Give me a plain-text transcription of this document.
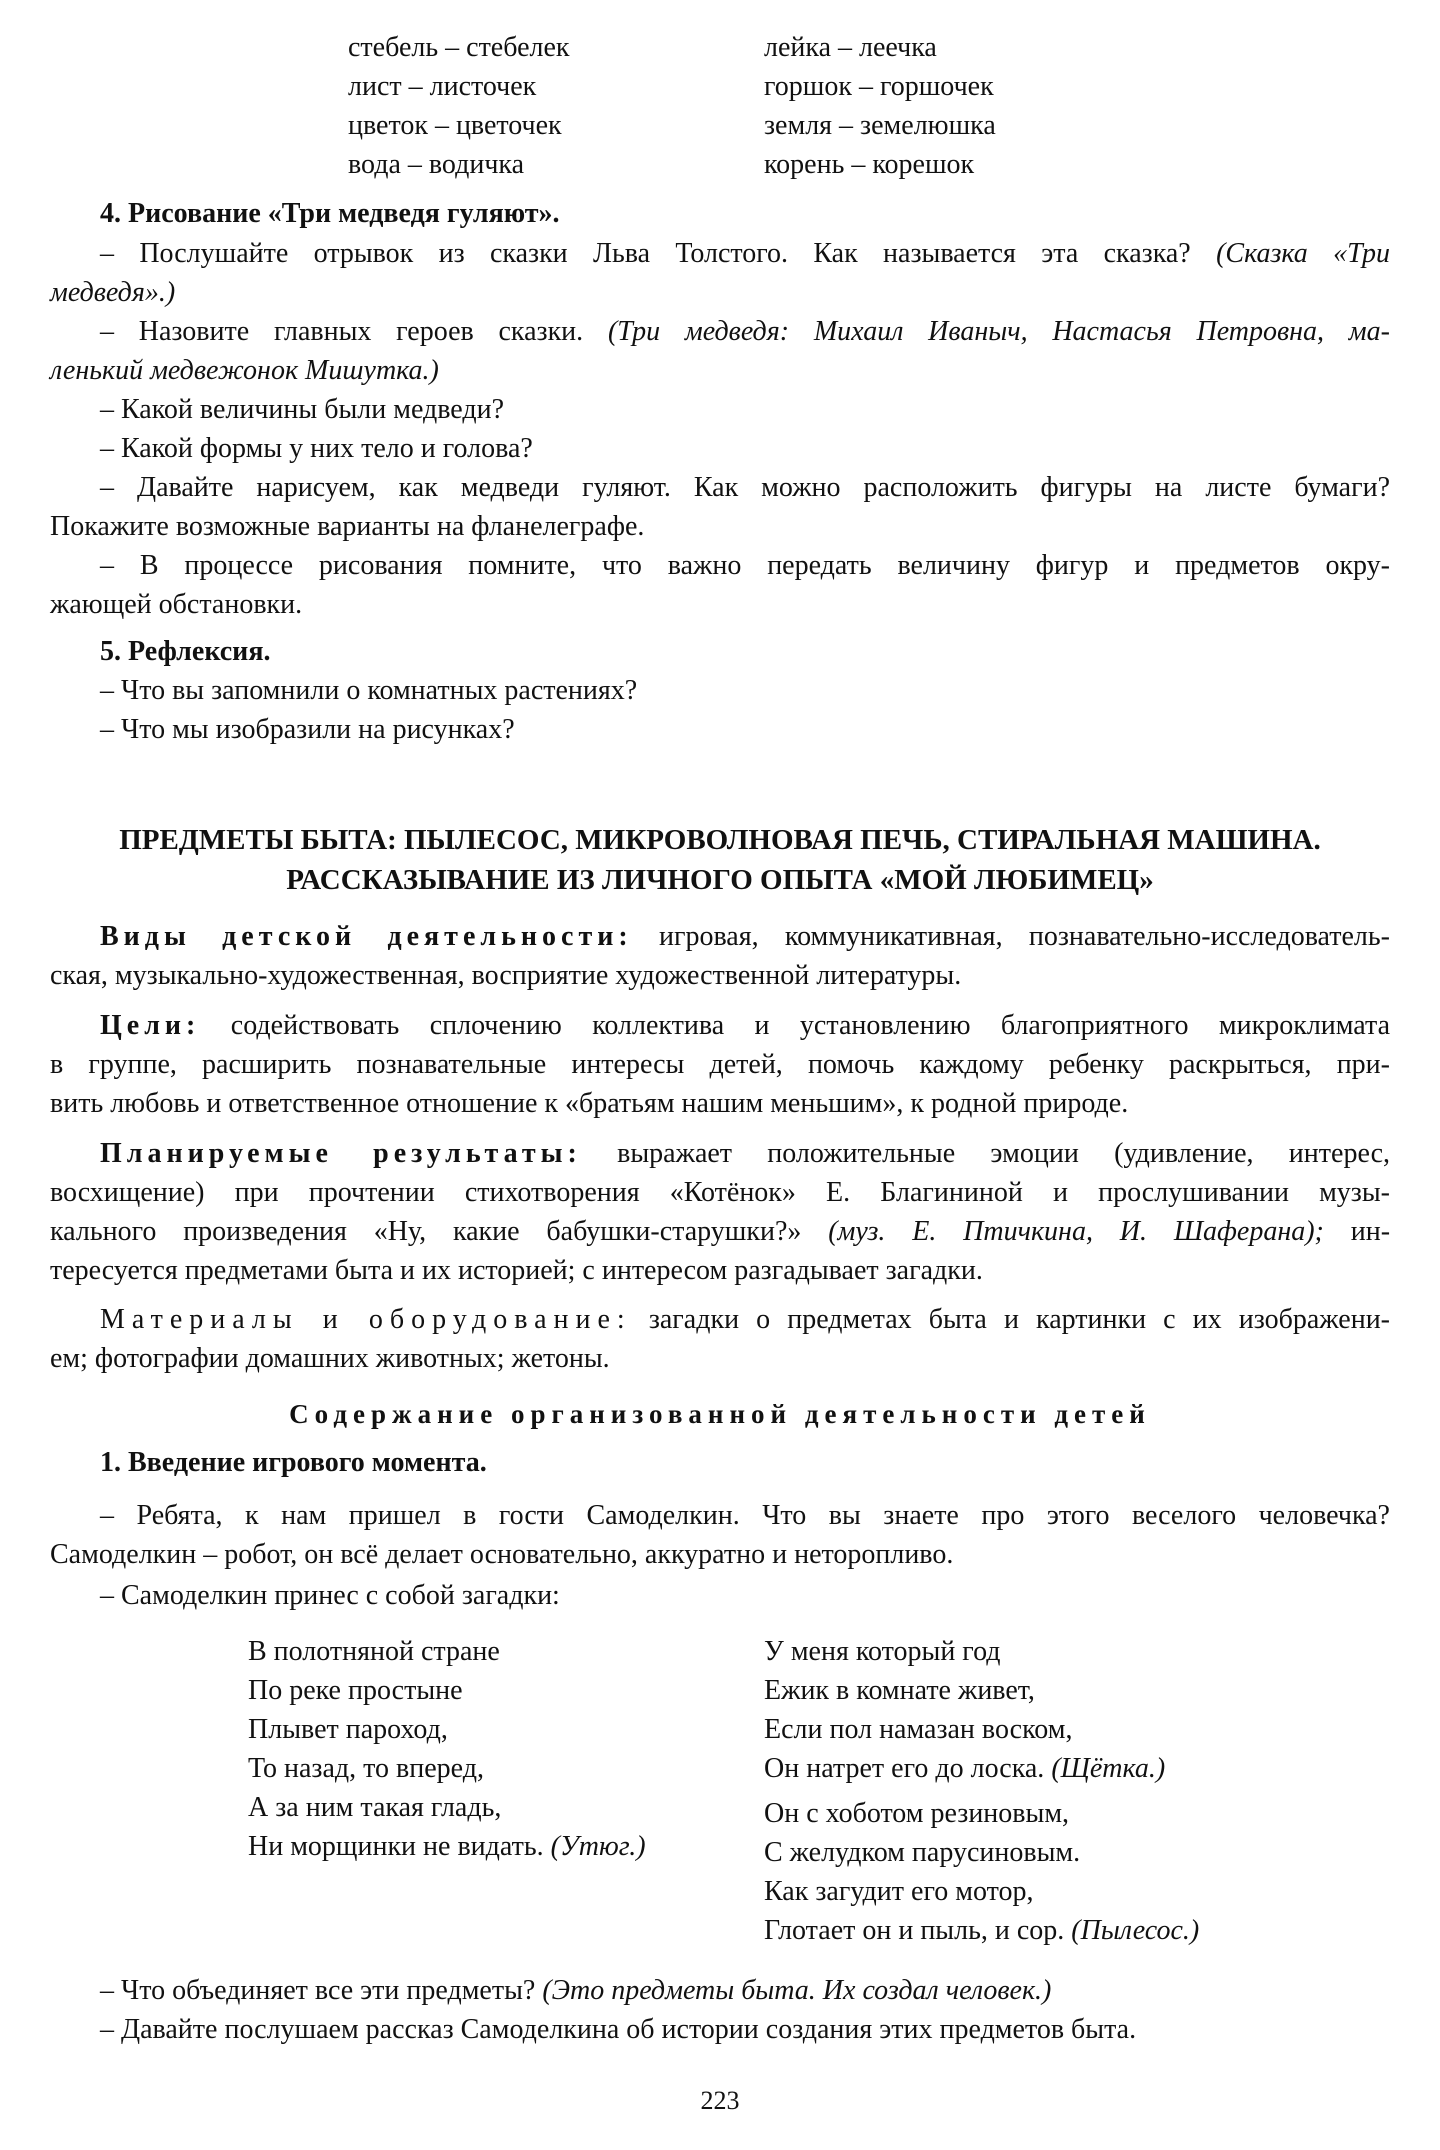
стебель – стебелек
лист – листочек
цветок – цветочек
вода – водичка
лейка – леечка
горшок – горшочек
земля – земелюшка
корень – корешок
4. Рисование «Три медведя гуляют».
– Послушайте отрывок из сказки Льва Толстого. Как называется эта сказка? (Сказка «Три
медведя».)
– Назовите главных героев сказки. (Три медведя: Михаил Иваныч, Настасья Петровна, ма-
ленький медвежонок Мишутка.)
– Какой величины были медведи?
– Какой формы у них тело и голова?
– Давайте нарисуем, как медведи гуляют. Как можно расположить фигуры на листе бумаги?
Покажите возможные варианты на фланелеграфе.
– В процессе рисования помните, что важно передать величину фигур и предметов окру-
жающей обстановки.
5. Рефлексия.
– Что вы запомнили о комнатных растениях?
– Что мы изобразили на рисунках?
ПРЕДМЕТЫ БЫТА: ПЫЛЕСОС, МИКРОВОЛНОВАЯ ПЕЧЬ, СТИРАЛЬНАЯ МАШИНА.
РАССКАЗЫВАНИЕ ИЗ ЛИЧНОГО ОПЫТА «МОЙ ЛЮБИМЕЦ»
Виды детской деятельности: игровая, коммуникативная, познавательно-исследователь-
ская, музыкально-художественная, восприятие художественной литературы.
Цели: содействовать сплочению коллектива и установлению благоприятного микроклимата
в группе, расширить познавательные интересы детей, помочь каждому ребенку раскрыться, при-
вить любовь и ответственное отношение к «братьям нашим меньшим», к родной природе.
Планируемые результаты: выражает положительные эмоции (удивление, интерес,
восхищение) при прочтении стихотворения «Котёнок» Е. Благининой и прослушивании музы-
кального произведения «Ну, какие бабушки-старушки?» (муз. Е. Птичкина, И. Шаферана); ин-
тересуется предметами быта и их историей; с интересом разгадывает загадки.
Материалы и оборудование: загадки о предметах быта и картинки с их изображени-
ем; фотографии домашних животных; жетоны.
Содержание организованной деятельности детей
1. Введение игрового момента.
– Ребята, к нам пришел в гости Самоделкин. Что вы знаете про этого веселого человечка?
Самоделкин – робот, он всё делает основательно, аккуратно и неторопливо.
– Самоделкин принес с собой загадки:
В полотняной стране
По реке простыне
Плывет пароход,
То назад, то вперед,
А за ним такая гладь,
Ни морщинки не видать. (Утюг.)
У меня который год
Ежик в комнате живет,
Если пол намазан воском,
Он натрет его до лоска. (Щётка.)
Он с хоботом резиновым,
С желудком парусиновым.
Как загудит его мотор,
Глотает он и пыль, и сор. (Пылесос.)
– Что объединяет все эти предметы? (Это предметы быта. Их создал человек.)
– Давайте послушаем рассказ Самоделкина об истории создания этих предметов быта.
223
